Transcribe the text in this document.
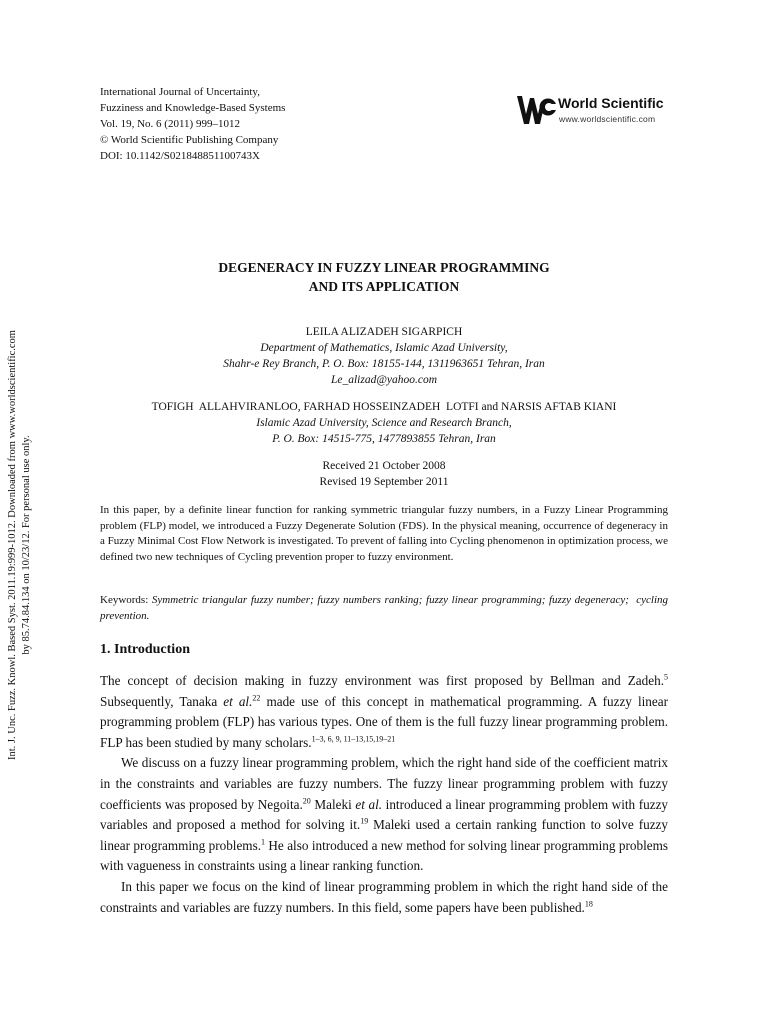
International Journal of Uncertainty,
Fuzziness and Knowledge-Based Systems
Vol. 19, No. 6 (2011) 999–1012
© World Scientific Publishing Company
DOI: 10.1142/S021848851100743X
World Scientific
www.worldscientific.com
Int. J. Unc. Fuzz. Knowl. Based Syst. 2011.19:999-1012. Downloaded from www.worldscientific.com by 85.74.84.134 on 10/23/12. For personal use only.
DEGENERACY IN FUZZY LINEAR PROGRAMMING
AND ITS APPLICATION
LEILA ALIZADEH SIGARPICH
Department of Mathematics, Islamic Azad University,
Shahr-e Rey Branch, P. O. Box: 18155-144, 1311963651 Tehran, Iran
Le_alizad@yahoo.com
TOFIGH  ALLAHVIRANLOO, FARHAD HOSSEINZADEH  LOTFI and NARSIS AFTAB KIANI
Islamic Azad University, Science and Research Branch,
P. O. Box: 14515-775, 1477893855 Tehran, Iran
Received 21 October 2008
Revised 19 September 2011
In this paper, by a definite linear function for ranking symmetric triangular fuzzy numbers, in a Fuzzy Linear Programming problem (FLP) model, we introduced a Fuzzy Degenerate Solution (FDS). In the physical meaning, occurrence of degeneracy in a Fuzzy Minimal Cost Flow Network is investigated. To prevent of falling into Cycling phenomenon in optimization process, we defined two new techniques of Cycling prevention proper to fuzzy environment.
Keywords: Symmetric triangular fuzzy number; fuzzy numbers ranking; fuzzy linear programming; fuzzy degeneracy;  cycling prevention.
1. Introduction

The concept of decision making in fuzzy environment was first proposed by Bellman and Zadeh.$^5$ Subsequently, Tanaka et al.$^{22}$ made use of this concept in mathematical programming. A fuzzy linear programming problem (FLP) has various types. One of them is the full fuzzy linear programming problem. FLP has been studied by many scholars.$^{1-3, 6, 9, 11-13,15,19-21}$

We discuss on a fuzzy linear programming problem, which the right hand side of the coefficient matrix in the constraints and variables are fuzzy numbers. The fuzzy linear programming problem with fuzzy coefficients was proposed by Negoita.$^{20}$ Maleki et al. introduced a linear programming problem with fuzzy variables and proposed a method for solving it.$^{19}$ Maleki used a certain ranking function to solve fuzzy linear programming problems.$^1$ He also introduced a new method for solving linear programming problems with vagueness in constraints using a linear ranking function.

In this paper we focus on the kind of linear programming problem in which the right hand side of the constraints and variables are fuzzy numbers. In this field, some papers have been published.$^{18}$
